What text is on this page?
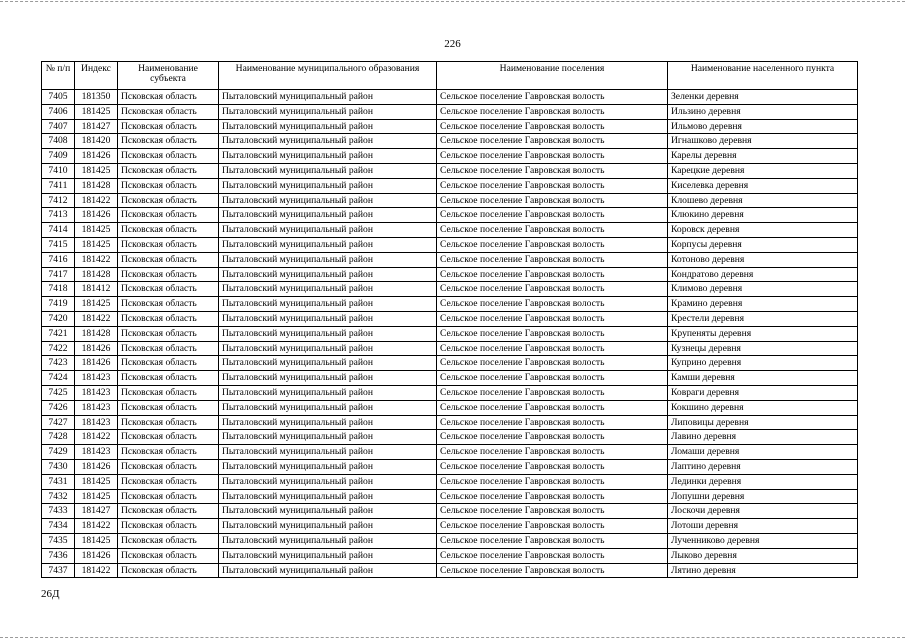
226
№ п/п	Индекс	Наименование субъекта	Наименование муниципального образования	Наименование поселения	Наименование населенного пункта
7405	181350	Псковская область	Пыталовский муниципальный район	Сельское поселение Гавровская волость	Зеленки деревня
7406	181425	Псковская область	Пыталовский муниципальный район	Сельское поселение Гавровская волость	Ильзино деревня
7407	181427	Псковская область	Пыталовский муниципальный район	Сельское поселение Гавровская волость	Ильмово деревня
7408	181420	Псковская область	Пыталовский муниципальный район	Сельское поселение Гавровская волость	Игнашково деревня
7409	181426	Псковская область	Пыталовский муниципальный район	Сельское поселение Гавровская волость	Карелы деревня
7410	181425	Псковская область	Пыталовский муниципальный район	Сельское поселение Гавровская волость	Карецкие деревня
7411	181428	Псковская область	Пыталовский муниципальный район	Сельское поселение Гавровская волость	Киселевка деревня
7412	181422	Псковская область	Пыталовский муниципальный район	Сельское поселение Гавровская волость	Клошево деревня
7413	181426	Псковская область	Пыталовский муниципальный район	Сельское поселение Гавровская волость	Клюкино деревня
7414	181425	Псковская область	Пыталовский муниципальный район	Сельское поселение Гавровская волость	Коровск деревня
7415	181425	Псковская область	Пыталовский муниципальный район	Сельское поселение Гавровская волость	Корпусы деревня
7416	181422	Псковская область	Пыталовский муниципальный район	Сельское поселение Гавровская волость	Котоново деревня
7417	181428	Псковская область	Пыталовский муниципальный район	Сельское поселение Гавровская волость	Кондратово деревня
7418	181412	Псковская область	Пыталовский муниципальный район	Сельское поселение Гавровская волость	Климово деревня
7419	181425	Псковская область	Пыталовский муниципальный район	Сельское поселение Гавровская волость	Крамино деревня
7420	181422	Псковская область	Пыталовский муниципальный район	Сельское поселение Гавровская волость	Крестели деревня
7421	181428	Псковская область	Пыталовский муниципальный район	Сельское поселение Гавровская волость	Крупеняты деревня
7422	181426	Псковская область	Пыталовский муниципальный район	Сельское поселение Гавровская волость	Кузнецы деревня
7423	181426	Псковская область	Пыталовский муниципальный район	Сельское поселение Гавровская волость	Куприно деревня
7424	181423	Псковская область	Пыталовский муниципальный район	Сельское поселение Гавровская волость	Камши деревня
7425	181423	Псковская область	Пыталовский муниципальный район	Сельское поселение Гавровская волость	Ковраги деревня
7426	181423	Псковская область	Пыталовский муниципальный район	Сельское поселение Гавровская волость	Кокшино деревня
7427	181423	Псковская область	Пыталовский муниципальный район	Сельское поселение Гавровская волость	Липовицы деревня
7428	181422	Псковская область	Пыталовский муниципальный район	Сельское поселение Гавровская волость	Лавино деревня
7429	181423	Псковская область	Пыталовский муниципальный район	Сельское поселение Гавровская волость	Ломаши деревня
7430	181426	Псковская область	Пыталовский муниципальный район	Сельское поселение Гавровская волость	Лаптино деревня
7431	181425	Псковская область	Пыталовский муниципальный район	Сельское поселение Гавровская волость	Лединки деревня
7432	181425	Псковская область	Пыталовский муниципальный район	Сельское поселение Гавровская волость	Лопушни деревня
7433	181427	Псковская область	Пыталовский муниципальный район	Сельское поселение Гавровская волость	Лоскочи деревня
7434	181422	Псковская область	Пыталовский муниципальный район	Сельское поселение Гавровская волость	Лотоши деревня
7435	181425	Псковская область	Пыталовский муниципальный район	Сельское поселение Гавровская волость	Лученниково деревня
7436	181426	Псковская область	Пыталовский муниципальный район	Сельское поселение Гавровская волость	Лыково деревня
7437	181422	Псковская область	Пыталовский муниципальный район	Сельское поселение Гавровская волость	Лятино деревня
26Д
